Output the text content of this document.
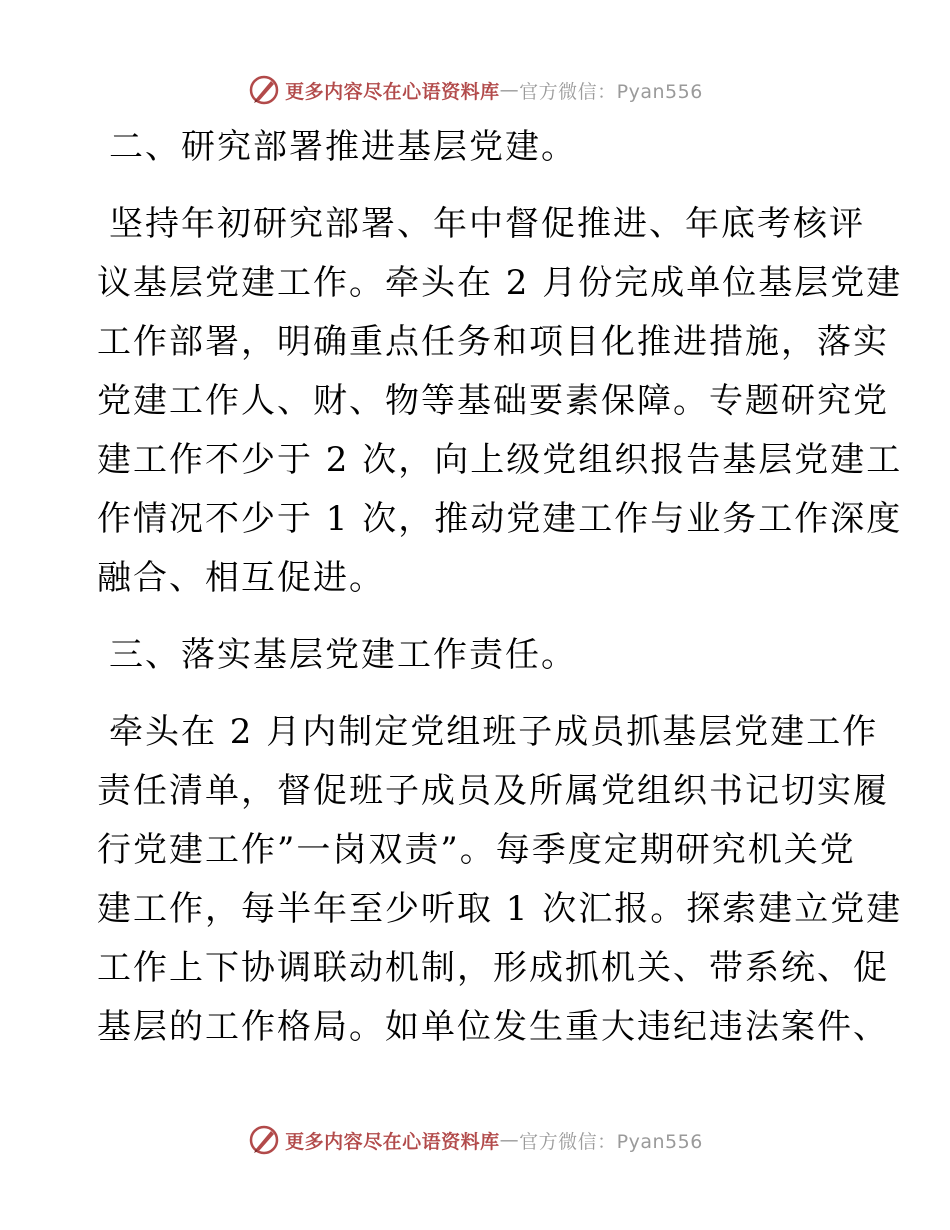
更多内容尽在心语资料库 — 官方微信：Pyan556
二、研究部署推进基层党建。
坚持年初研究部署、年中督促推进、年底考核评
议基层党建工作。牵头在 2 月份完成单位基层党建
工作部署，明确重点任务和项目化推进措施，落实
党建工作人、财、物等基础要素保障。专题研究党
建工作不少于 2 次，向上级党组织报告基层党建工
作情况不少于 1 次，推动党建工作与业务工作深度
融合、相互促进。
三、落实基层党建工作责任。
牵头在 2 月内制定党组班子成员抓基层党建工作
责任清单，督促班子成员及所属党组织书记切实履
行党建工作”一岗双责”。每季度定期研究机关党
建工作，每半年至少听取 1 次汇报。探索建立党建
工作上下协调联动机制，形成抓机关、带系统、促
基层的工作格局。如单位发生重大违纪违法案件、
更多内容尽在心语资料库 — 官方微信：Pyan556
